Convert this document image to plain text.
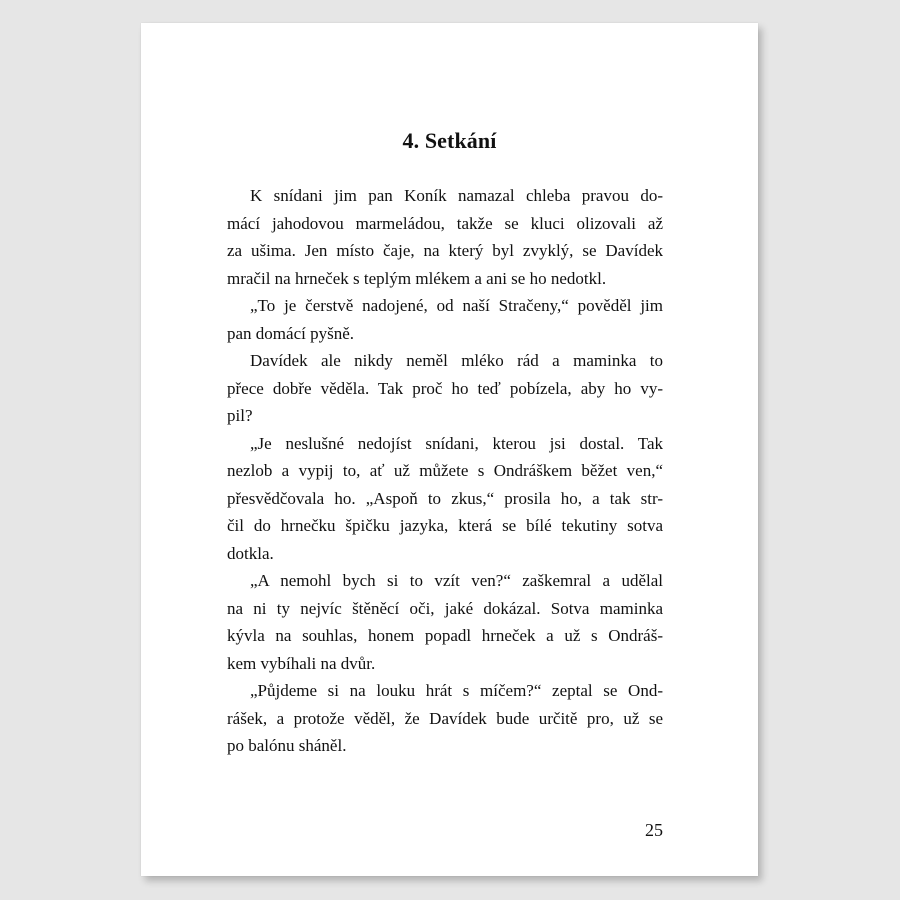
4. Setkání
K snídani jim pan Koník namazal chleba pravou do-
mácí jahodovou marmeládou, takže se kluci olizovali až
za ušima. Jen místo čaje, na který byl zvyklý, se Davídek
mračil na hrneček s teplým mlékem a ani se ho nedotkl.
„To je čerstvě nadojené, od naší Stračeny,“ pověděl jim
pan domácí pyšně.
Davídek ale nikdy neměl mléko rád a maminka to
přece dobře věděla. Tak proč ho teď pobízela, aby ho vy-
pil?
„Je neslušné nedojíst snídani, kterou jsi dostal. Tak
nezlob a vypij to, ať už můžete s Ondráškem běžet ven,“
přesvědčovala ho. „Aspoň to zkus,“ prosila ho, a tak str-
čil do hrnečku špičku jazyka, která se bílé tekutiny sotva
dotkla.
„A nemohl bych si to vzít ven?“ zaškemral a udělal
na ni ty nejvíc štěněcí oči, jaké dokázal. Sotva maminka
kývla na souhlas, honem popadl hrneček a už s Ondráš-
kem vybíhali na dvůr.
„Půjdeme si na louku hrát s míčem?“ zeptal se Ond-
rášek, a protože věděl, že Davídek bude určitě pro, už se
po balónu sháněl.
25
